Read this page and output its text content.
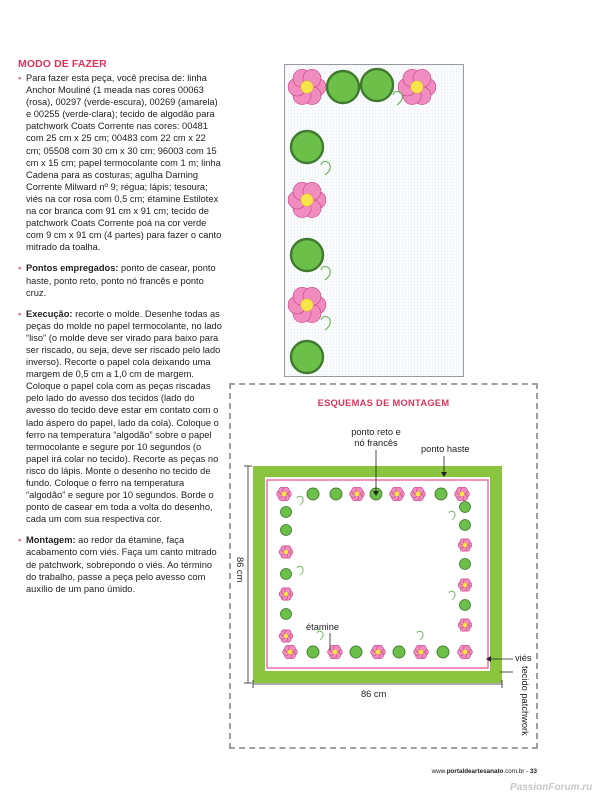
MODO DE FAZER
• Para fazer esta peça, você precisa de: linha Anchor Mouliné (1 meada nas cores 00063 (rosa), 00297 (verde-escura), 00269 (amarela) e 00255 (verde-clara); tecido de algodão para patchwork Coats Corrente nas cores: 00481 com 25 cm x 25 cm; 00483 com 22 cm x 22 cm; 05508 com 30 cm x 30 cm; 96003 com 15 cm x 15 cm; papel termocolante com 1 m; linha Cadena para as costuras; agulha Darning Corrente Milward nº 9; régua; lápis; tesoura; viés na cor rosa com 0,5 cm; étamine Estilotex na cor branca com 91 cm x 91 cm; tecido de patchwork Coats Corrente poá na cor verde com 9 cm x 91 cm (4 partes) para fazer o canto mitrado da toalha.
• Pontos empregados: ponto de casear, ponto haste, ponto reto, ponto nó francês e ponto cruz.
• Execução: recorte o molde. Desenhe todas as peças do molde no papel termocolante, no lado “liso” (o molde deve ser virado para baixo para ser riscado, ou seja, deve ser riscado pelo lado inverso). Recorte o papel cola deixando uma margem de 0,5 cm a 1,0 cm de margem. Coloque o papel cola com as peças riscadas pelo lado do avesso dos tecidos (lado do avesso do tecido deve estar em contato com o lado áspero do papel, lado da cola). Coloque o ferro na temperatura “algodão” sobre o papel termocolante e segure por 10 segundos (o papel irá colar no tecido). Recorte as peças no risco do lápis. Monte o desenho no tecido de fundo. Coloque o ferro na temperatura “algodão” e segure por 10 segundos. Borde o ponto de casear em toda a volta do desenho, cada um com sua respectiva cor.
• Montagem: ao redor da étamine, faça acabamento com viés. Faça um canto mitrado de patchwork, sobrepondo o viés. Ao término do trabalho, passe a peça pelo avesso com auxílio de um pano úmido.
ESQUEMAS DE MONTAGEM
ponto reto e
nó francês
ponto haste
étamine
viés
tecido patchwork
86 cm
86 cm
www.portaldeartesanato.com.br - 33
PassionForum.ru
